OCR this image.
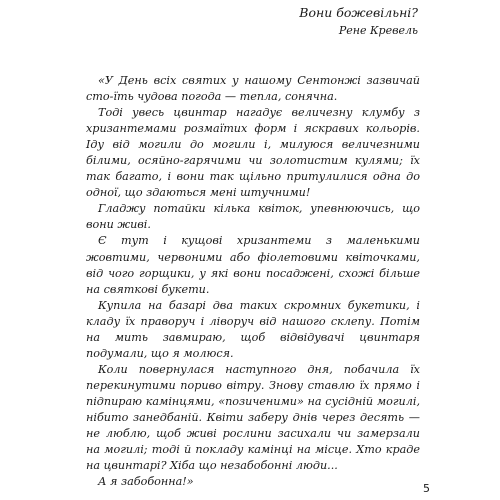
Вони божевільні?
Рене Кревель

«У День всіх святих у нашому Сентонжі зазвичай сто-їть чудова погода — тепла, сонячна.

Тоді увесь цвинтар нагадує величезну клумбу з хризантемами розмаїтих форм і яскравих кольорів. Іду від могили до могили і, милуюся величезними білими, осяйно-гарячими чи золотистим кулями; їх так багато, і вони так щільно притулилися одна до одної, що здаються мені штучними!

Гладжу потайки кілька квіток, упевнюючись, що вони живі.

Є тут і кущові хризантеми з маленькими жовтими, червоними або фіолетовими квіточками, від чого горщики, у які вони посаджені, схожі більше на святкові букети.

Купила на базарі два таких скромних букетики, і кладу їх праворуч і ліворуч від нашого склепу. Потім на мить завмираю, щоб відвідувачі цвинтаря подумали, що я молюся.

Коли повернулася наступного дня, побачила їх перекинутими пориво вітру. Знову ставлю їх прямо і підпираю камінцями, «позиченими» на сусідній могилі, нібито занедбаній. Квіти заберу днів через десять — не люблю, щоб живі рослини засихали чи замерзали на могилі; тоді й покладу камінці на місце. Хто краде на цвинтарі? Хіба що незабобонні люди...

А я забобонна!»

5
